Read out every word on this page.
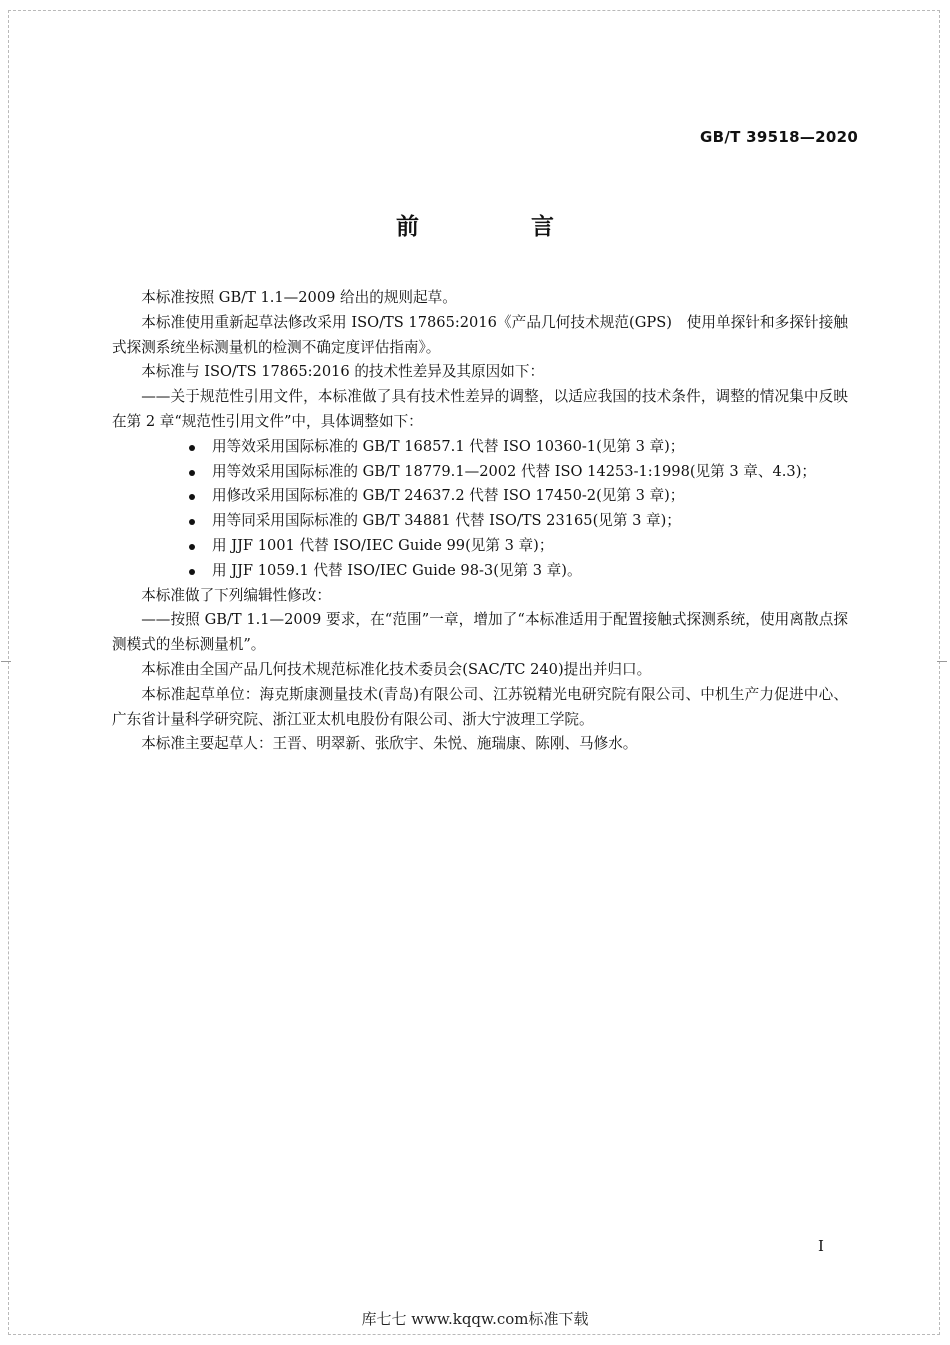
GB/T 39518—2020
前 言

本标准按照 GB/T 1.1—2009 给出的规则起草。

本标准使用重新起草法修改采用 ISO/TS 17865:2016《产品几何技术规范(GPS)　使用单探针和多探针接触式探测系统坐标测量机的检测不确定度评估指南》。

本标准与 ISO/TS 17865:2016 的技术性差异及其原因如下：

——关于规范性引用文件，本标准做了具有技术性差异的调整，以适应我国的技术条件，调整的情况集中反映在第 2 章“规范性引用文件”中，具体调整如下：

用等效采用国际标准的 GB/T 16857.1 代替 ISO 10360-1(见第 3 章)；
用等效采用国际标准的 GB/T 18779.1—2002 代替 ISO 14253-1:1998(见第 3 章、4.3)；
用修改采用国际标准的 GB/T 24637.2 代替 ISO 17450-2(见第 3 章)；
用等同采用国际标准的 GB/T 34881 代替 ISO/TS 23165(见第 3 章)；
用 JJF 1001 代替 ISO/IEC Guide 99(见第 3 章)；
用 JJF 1059.1 代替 ISO/IEC Guide 98-3(见第 3 章)。

本标准做了下列编辑性修改：

——按照 GB/T 1.1—2009 要求，在“范围”一章，增加了“本标准适用于配置接触式探测系统，使用离散点探测模式的坐标测量机”。

本标准由全国产品几何技术规范标准化技术委员会(SAC/TC 240)提出并归口。

本标准起草单位：海克斯康测量技术(青岛)有限公司、江苏锐精光电研究院有限公司、中机生产力促进中心、广东省计量科学研究院、浙江亚太机电股份有限公司、浙大宁波理工学院。

本标准主要起草人：王晋、明翠新、张欣宇、朱悦、施瑞康、陈刚、马修水。

I
库七七 www.kqqw.com标准下载
